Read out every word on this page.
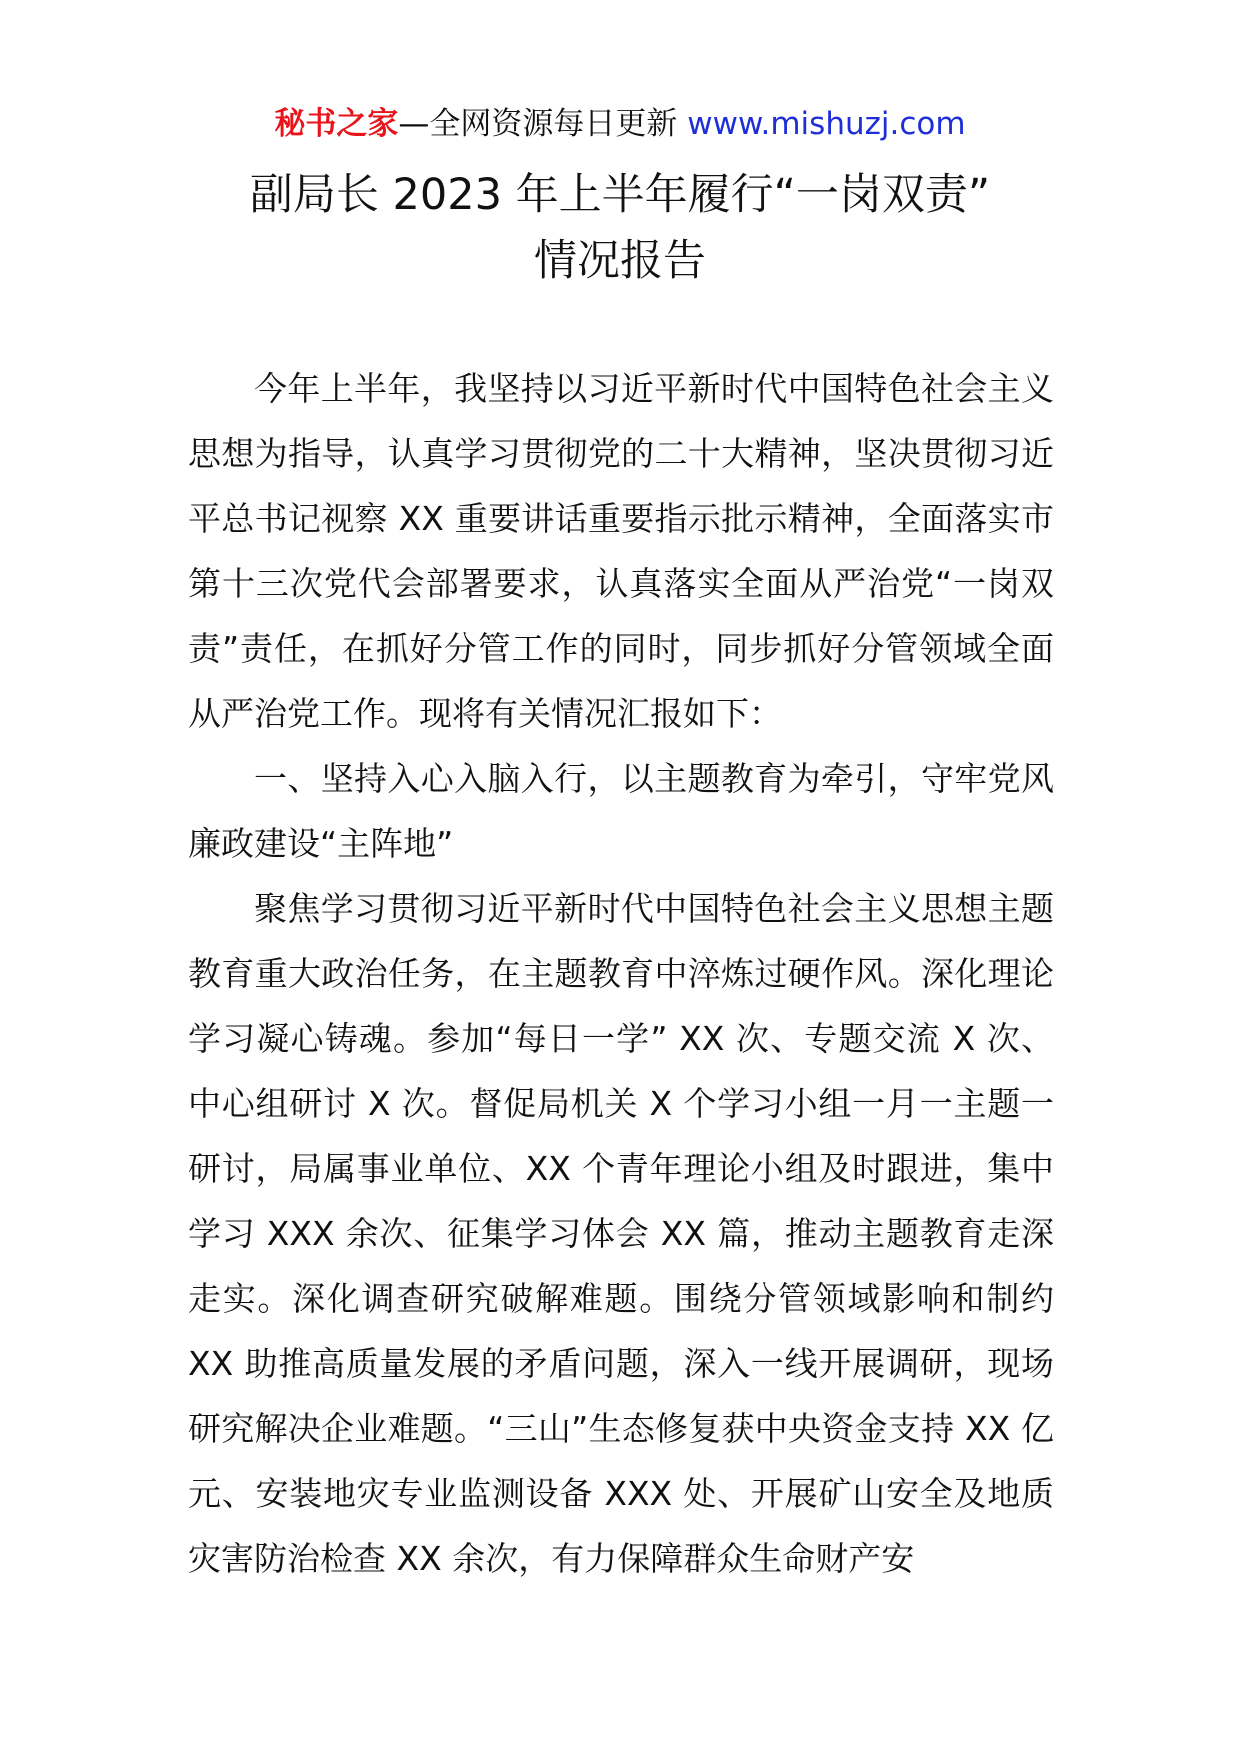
秘书之家—全网资源每日更新 www.mishuzj.com
副局长 2023 年上半年履行“一岗双责”
情况报告

今年上半年，我坚持以习近平新时代中国特色社会主义思想为指导，认真学习贯彻党的二十大精神，坚决贯彻习近平总书记视察 XX 重要讲话重要指示批示精神，全面落实市第十三次党代会部署要求，认真落实全面从严治党“一岗双　责”责任，在抓好分管工作的同时，同步抓好分管领域全面从严治党工作。现将有关情况汇报如下：

一、坚持入心入脑入行，以主题教育为牵引，守牢党风廉政建设“主阵地”

聚焦学习贯彻习近平新时代中国特色社会主义思想主题教育重大政治任务，在主题教育中淬炼过硬作风。深化理论学习凝心铸魂。参加“每日一学” XX 次、专题交流 X 次、中心组研讨 X 次。督促局机关 X 个学习小组一月一主题一研讨，局属事业单位、XX 个青年理论小组及时跟进，集中学习 XXX 余次、征集学习体会 XX 篇，推动主题教育走深走实。深化调查研究破解难题。围绕分管领域影响和制约 XX 助推高质量发展的矛盾问题，深入一线开展调研，现场研究解决企业难题。“三山”生态修复获中央资金支持 XX 亿元、安装地灾专业监测设备 XXX 处、开展矿山安全及地质灾害防治检查 XX 余次，有力保障群众生命财产安
